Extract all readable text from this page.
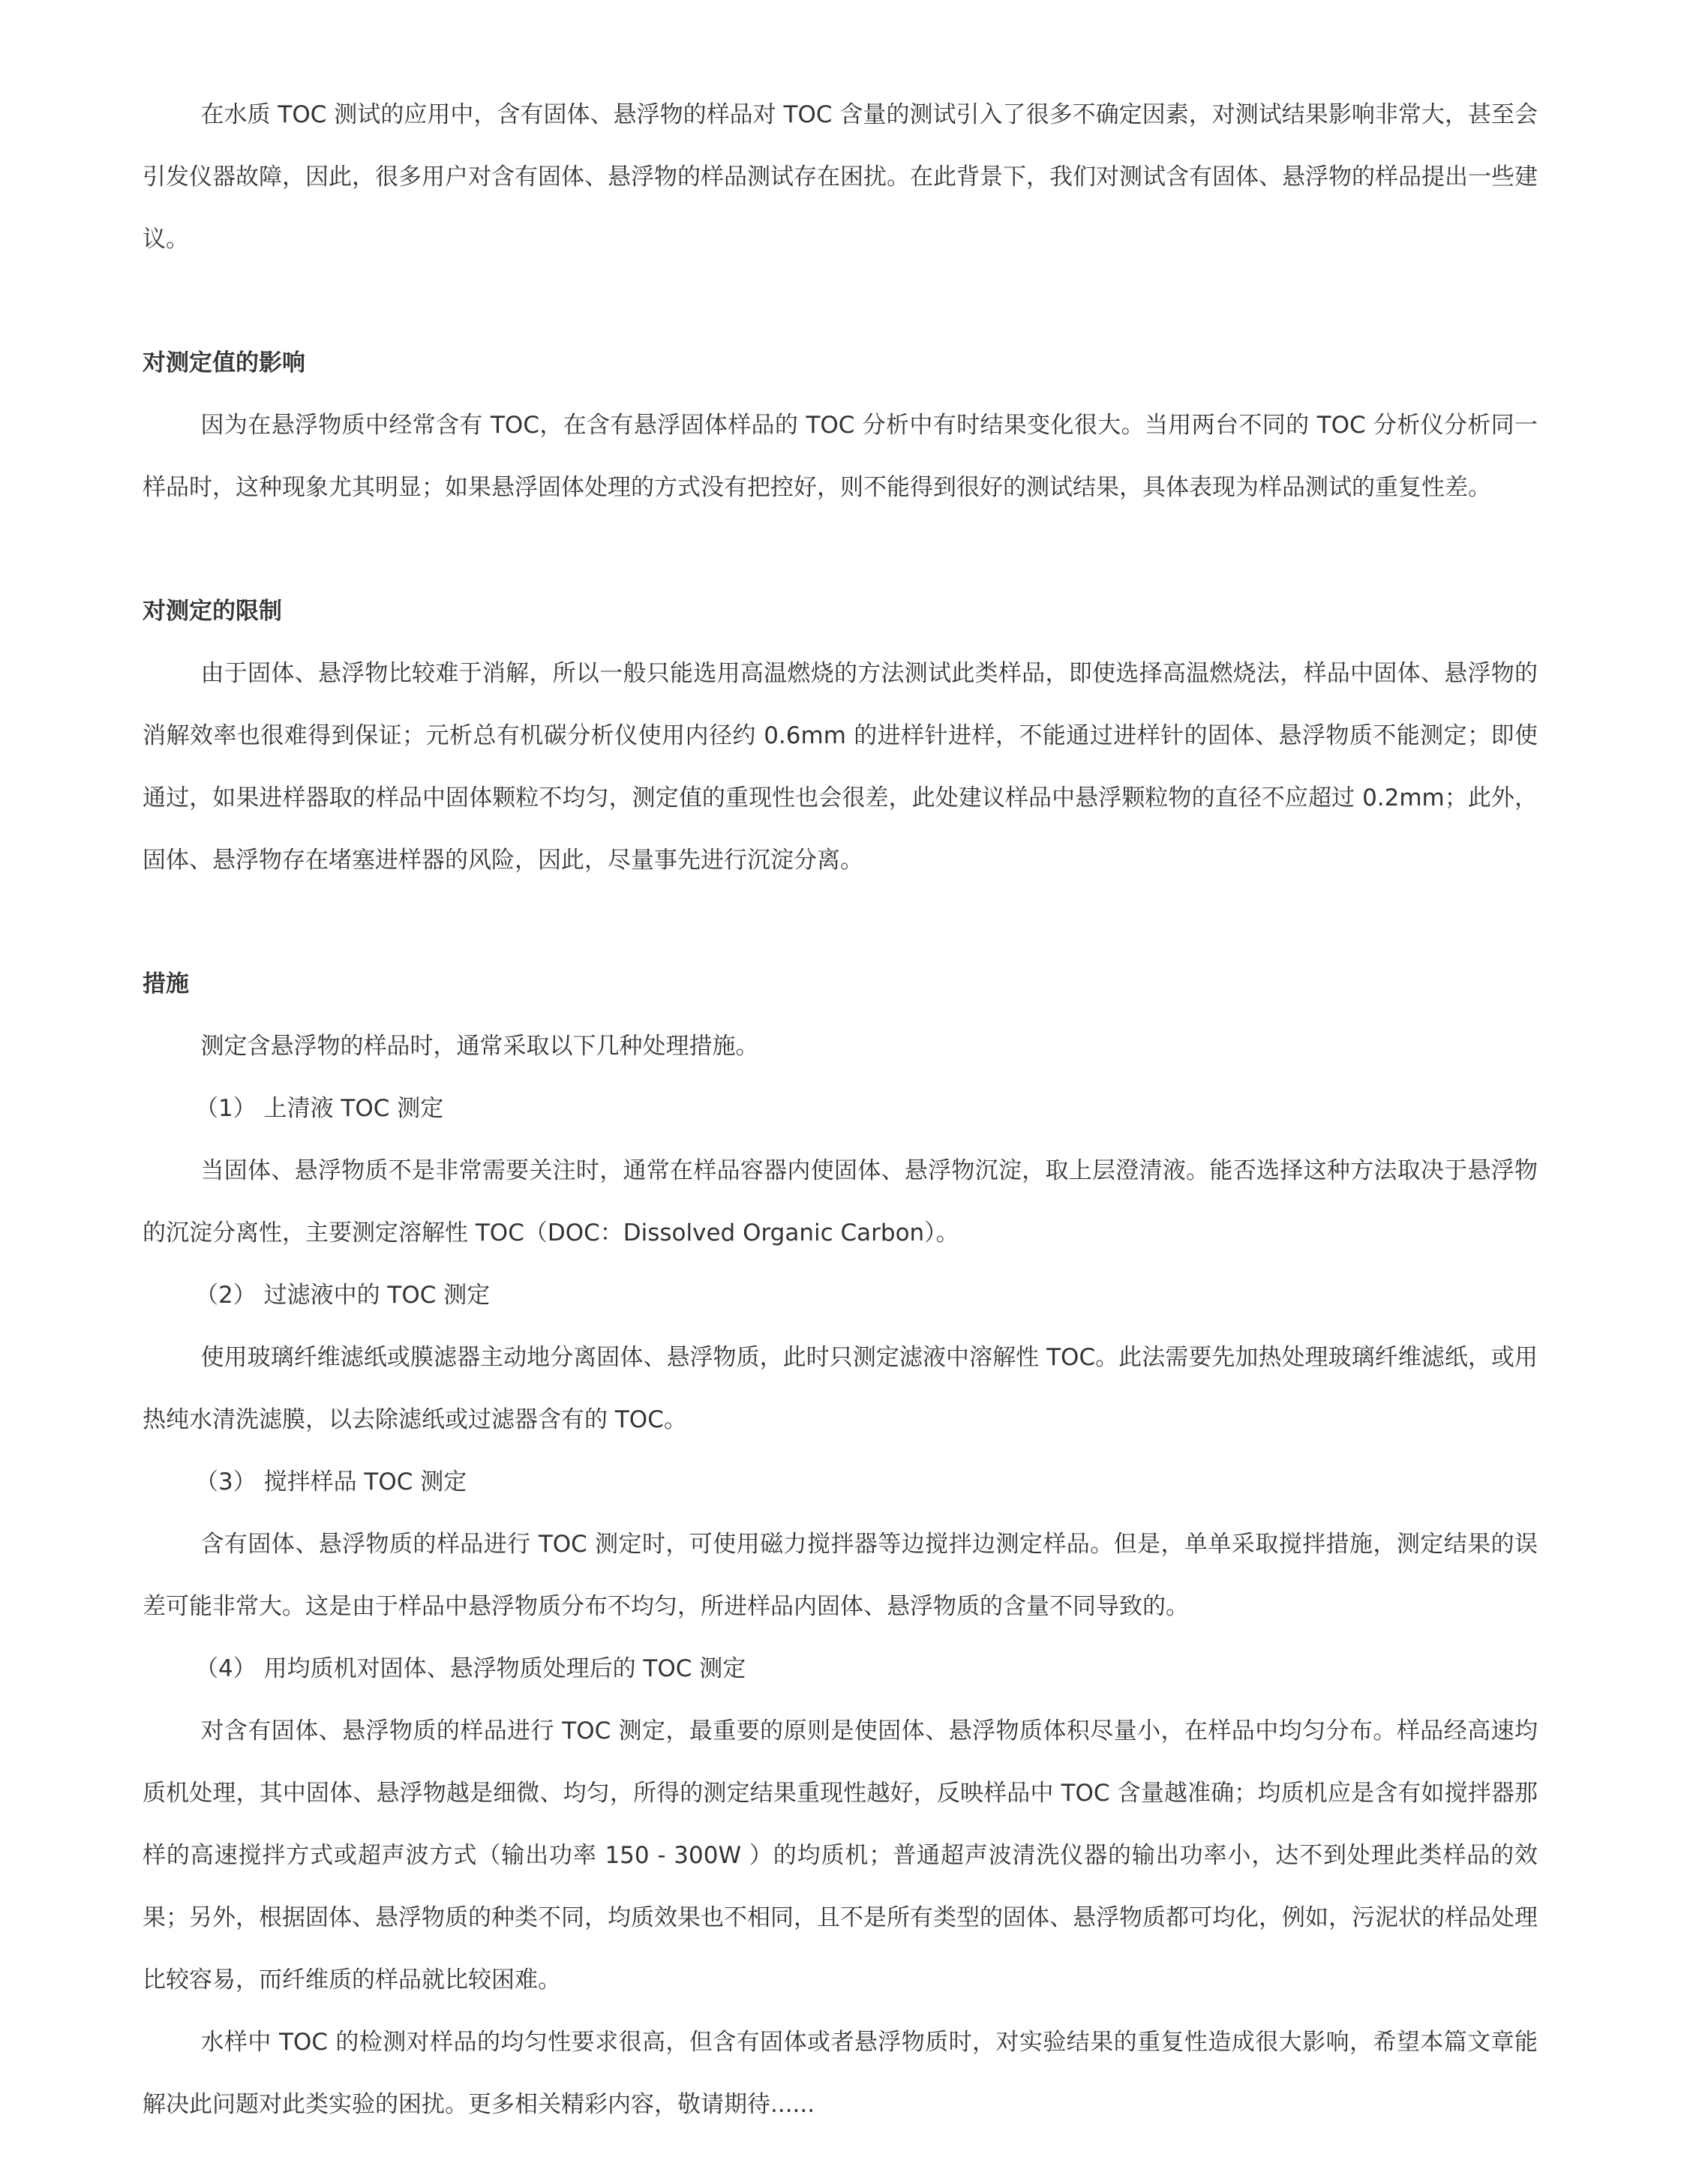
在水质 TOC 测试的应用中，含有固体、悬浮物的样品对 TOC 含量的测试引入了很多不确定因素，对测试结果影响非常大，甚至会引发仪器故障，因此，很多用户对含有固体、悬浮物的样品测试存在困扰。在此背景下，我们对测试含有固体、悬浮物的样品提出一些建议。

对测定值的影响

因为在悬浮物质中经常含有 TOC，在含有悬浮固体样品的 TOC 分析中有时结果变化很大。当用两台不同的 TOC 分析仪分析同一样品时，这种现象尤其明显；如果悬浮固体处理的方式没有把控好，则不能得到很好的测试结果，具体表现为样品测试的重复性差。

对测定的限制

由于固体、悬浮物比较难于消解，所以一般只能选用高温燃烧的方法测试此类样品，即使选择高温燃烧法，样品中固体、悬浮物的消解效率也很难得到保证；元析总有机碳分析仪使用内径约 0.6mm 的进样针进样，不能通过进样针的固体、悬浮物质不能测定；即使通过，如果进样器取的样品中固体颗粒不均匀，测定值的重现性也会很差，此处建议样品中悬浮颗粒物的直径不应超过 0.2mm；此外，固体、悬浮物存在堵塞进样器的风险，因此，尽量事先进行沉淀分离。

措施

测定含悬浮物的样品时，通常采取以下几种处理措施。

（1） 上清液 TOC 测定

当固体、悬浮物质不是非常需要关注时，通常在样品容器内使固体、悬浮物沉淀，取上层澄清液。能否选择这种方法取决于悬浮物的沉淀分离性，主要测定溶解性 TOC（DOC：Dissolved Organic Carbon）。

（2） 过滤液中的 TOC 测定

使用玻璃纤维滤纸或膜滤器主动地分离固体、悬浮物质，此时只测定滤液中溶解性 TOC。此法需要先加热处理玻璃纤维滤纸，或用热纯水清洗滤膜，以去除滤纸或过滤器含有的 TOC。

（3） 搅拌样品 TOC 测定

含有固体、悬浮物质的样品进行 TOC 测定时，可使用磁力搅拌器等边搅拌边测定样品。但是，单单采取搅拌措施，测定结果的误差可能非常大。这是由于样品中悬浮物质分布不均匀，所进样品内固体、悬浮物质的含量不同导致的。

（4） 用均质机对固体、悬浮物质处理后的 TOC 测定

对含有固体、悬浮物质的样品进行 TOC 测定，最重要的原则是使固体、悬浮物质体积尽量小，在样品中均匀分布。样品经高速均质机处理，其中固体、悬浮物越是细微、均匀，所得的测定结果重现性越好，反映样品中 TOC 含量越准确；均质机应是含有如搅拌器那样的高速搅拌方式或超声波方式（输出功率 150 - 300W ）的均质机；普通超声波清洗仪器的输出功率小，达不到处理此类样品的效果；另外，根据固体、悬浮物质的种类不同，均质效果也不相同，且不是所有类型的固体、悬浮物质都可均化，例如，污泥状的样品处理比较容易，而纤维质的样品就比较困难。

水样中 TOC 的检测对样品的均匀性要求很高，但含有固体或者悬浮物质时，对实验结果的重复性造成很大影响，希望本篇文章能解决此问题对此类实验的困扰。更多相关精彩内容，敬请期待......
